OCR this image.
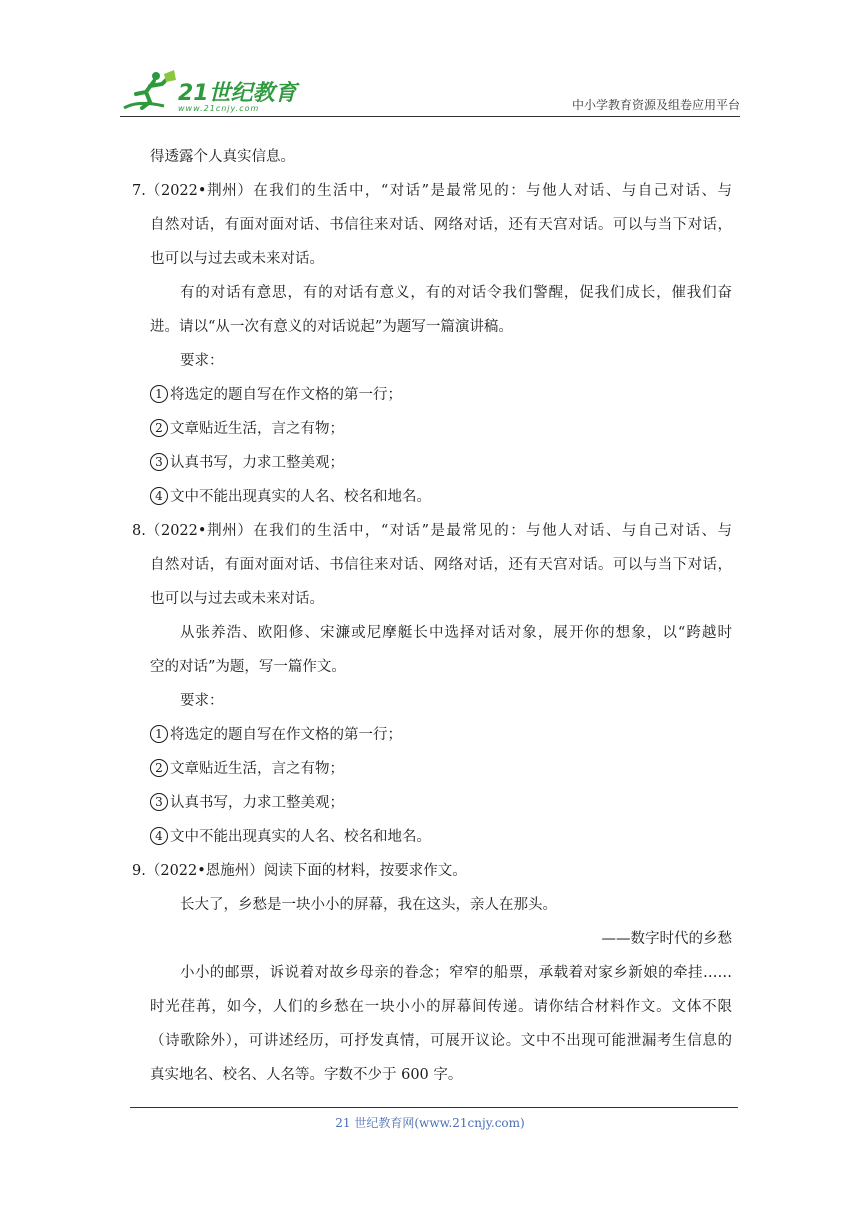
21世纪教育
www.21cnjy.com	中小学教育资源及组卷应用平台
得透露个人真实信息。
7.（2022•荆州）在我们的生活中，“对话”是最常见的：与他人对话、与自己对话、与
自然对话，有面对面对话、书信往来对话、网络对话，还有天宫对话。可以与当下对话，
也可以与过去或未来对话。
有的对话有意思，有的对话有意义，有的对话令我们警醒，促我们成长，催我们奋
进。请以“从一次有意义的对话说起”为题写一篇演讲稿。
要求：
1 将选定的题自写在作文格的第一行；
2 文章贴近生活，言之有物；
3 认真书写，力求工整美观；
4 文中不能出现真实的人名、校名和地名。
8.（2022•荆州）在我们的生活中，“对话”是最常见的：与他人对话、与自己对话、与
自然对话，有面对面对话、书信往来对话、网络对话，还有天宫对话。可以与当下对话，
也可以与过去或未来对话。
从张养浩、欧阳修、宋濂或尼摩艇长中选择对话对象，展开你的想象，以“跨越时
空的对话”为题，写一篇作文。
要求：
1 将选定的题自写在作文格的第一行；
2 文章贴近生活，言之有物；
3 认真书写，力求工整美观；
4 文中不能出现真实的人名、校名和地名。
9.（2022•恩施州）阅读下面的材料，按要求作文。
长大了，乡愁是一块小小的屏幕，我在这头，亲人在那头。
——数字时代的乡愁
小小的邮票，诉说着对故乡母亲的眷念；窄窄的船票，承载着对家乡新娘的牵挂……
时光荏苒，如今，人们的乡愁在一块小小的屏幕间传递。请你结合材料作文。文体不限
（诗歌除外），可讲述经历，可抒发真情，可展开议论。文中不出现可能泄漏考生信息的
真实地名、校名、人名等。字数不少于 600 字。
21 世纪教育网(www.21cnjy.com)
